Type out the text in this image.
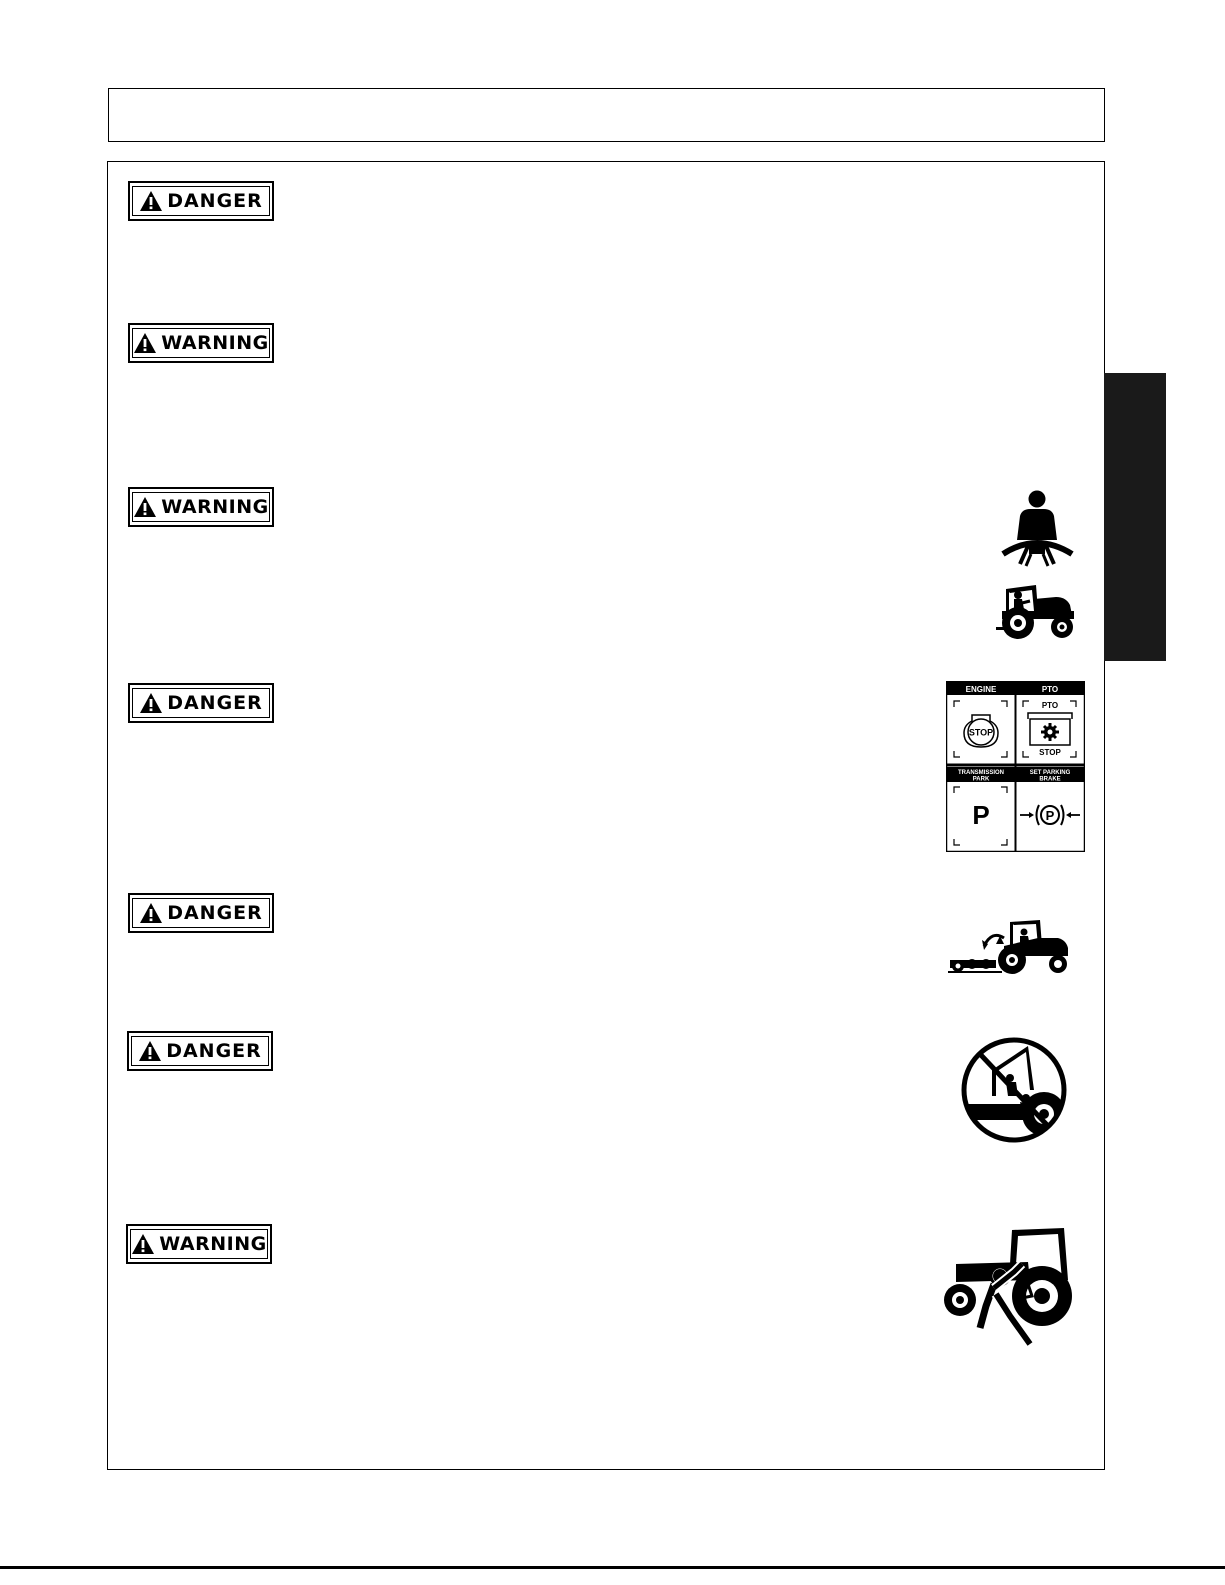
DANGER
WARNING
WARNING
DANGER
DANGER
DANGER
WARNING
ENGINE	PTO
TRANSMISSION
PARK
SET PARKING
BRAKE
STOP
PTO
STOP
P	P
